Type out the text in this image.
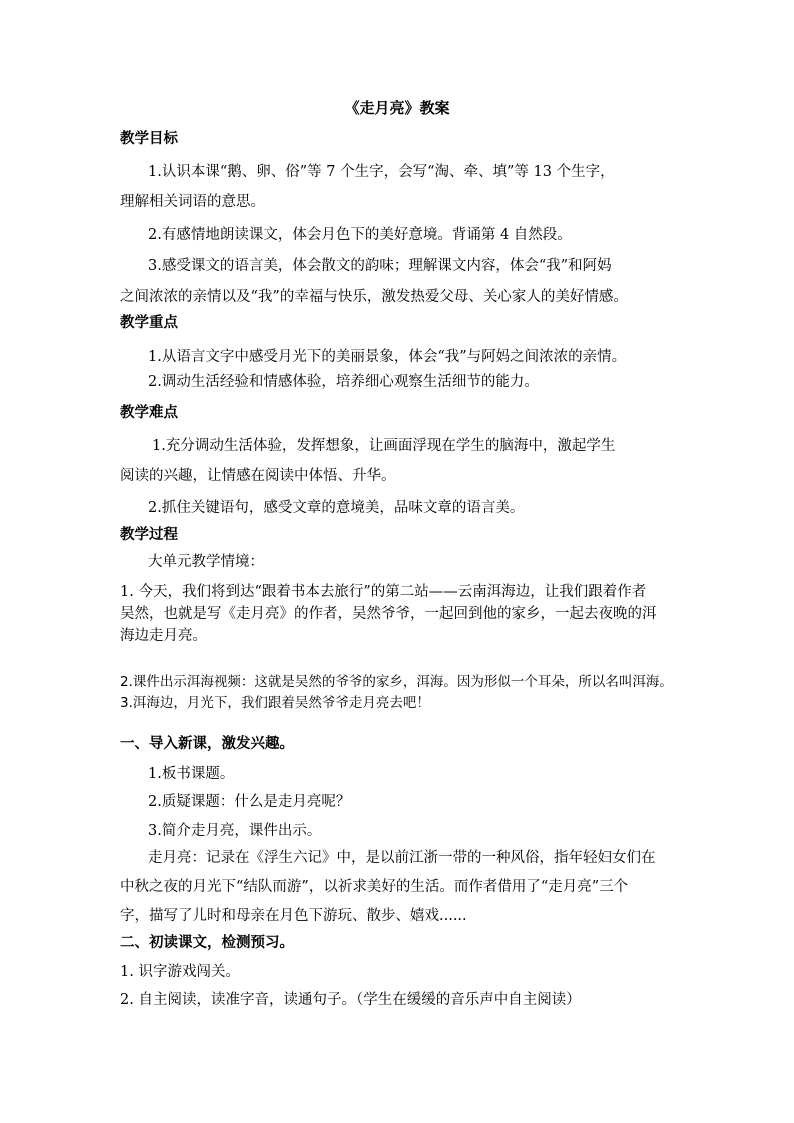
《走月亮》教案
教学目标
1.认识本课“鹅、卵、俗”等 7 个生字，会写“淘、牵、填”等 13 个生字，
理解相关词语的意思。
2.有感情地朗读课文，体会月色下的美好意境。背诵第 4 自然段。
3.感受课文的语言美，体会散文的韵味；理解课文内容，体会“我”和阿妈
之间浓浓的亲情以及“我”的幸福与快乐，激发热爱父母、关心家人的美好情感。
教学重点
1.从语言文字中感受月光下的美丽景象，体会“我”与阿妈之间浓浓的亲情。
2.调动生活经验和情感体验，培养细心观察生活细节的能力。
教学难点
1.充分调动生活体验，发挥想象，让画面浮现在学生的脑海中，激起学生
阅读的兴趣，让情感在阅读中体悟、升华。
2.抓住关键语句，感受文章的意境美，品味文章的语言美。
教学过程
大单元教学情境：
1. 今天，我们将到达“跟着书本去旅行”的第二站——云南洱海边，让我们跟着作者
吴然，也就是写《走月亮》的作者，吴然爷爷，一起回到他的家乡，一起去夜晚的洱
海边走月亮。
2.课件出示洱海视频：这就是吴然的爷爷的家乡，洱海。因为形似一个耳朵，所以名叫洱海。
3.洱海边，月光下，我们跟着吴然爷爷走月亮去吧！
一、导入新课，激发兴趣。
1.板书课题。
2.质疑课题：什么是走月亮呢？
3.简介走月亮，课件出示。
走月亮：记录在《浮生六记》中，是以前江浙一带的一种风俗，指年轻妇女们在
中秋之夜的月光下“结队而游”，以祈求美好的生活。而作者借用了“走月亮”三个
字，描写了儿时和母亲在月色下游玩、散步、嬉戏......
二、初读课文，检测预习。
1. 识字游戏闯关。
2. 自主阅读，读准字音，读通句子。（学生在缓缓的音乐声中自主阅读）
